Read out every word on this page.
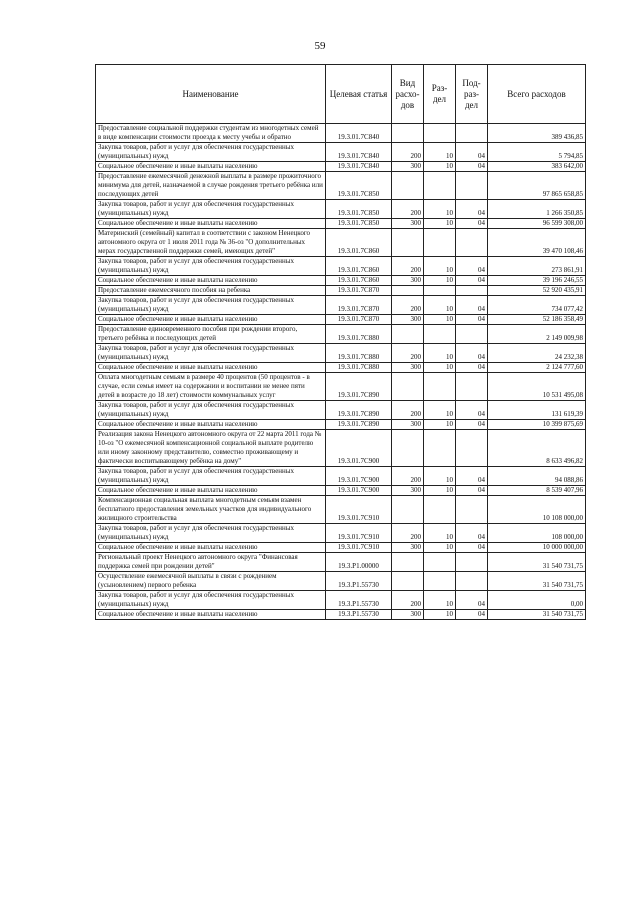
59
Наименование	Целевая статья	Вид расхо- дов	Раз- дел	Под- раз- дел	Всего расходов
Предоставление социальной поддержки студентам из многодетных семей в виде компенсации стоимости проезда к месту учебы и обратно	19.3.01.7С840				389 436,85
Закупка товаров, работ и услуг для обеспечения государственных (муниципальных) нужд	19.3.01.7С840	200	10	04	5 794,85
Социальное обеспечение и иные выплаты населению	19.3.01.7С840	300	10	04	383 642,00
Предоставление ежемесячной денежной выплаты в размере прожиточного минимума для детей, назначаемой в случае рождения третьего ребёнка или последующих детей	19.3.01.7С850				97 865 658,85
Закупка товаров, работ и услуг для обеспечения государственных (муниципальных) нужд	19.3.01.7С850	200	10	04	1 266 350,85
Социальное обеспечение и иные выплаты населению	19.3.01.7С850	300	10	04	96 599 308,00
Материнский (семейный) капитал в соответствии с законом Ненецкого автономного округа от 1 июля 2011 года № 36-оз "О дополнительных мерах государственной поддержки семей, имеющих детей"	19.3.01.7С860				39 470 108,46
Закупка товаров, работ и услуг для обеспечения государственных (муниципальных) нужд	19.3.01.7С860	200	10	04	273 861,91
Социальное обеспечение и иные выплаты населению	19.3.01.7С860	300	10	04	39 196 246,55
Предоставление ежемесячного пособия на ребенка	19.3.01.7С870				52 920 435,91
Закупка товаров, работ и услуг для обеспечения государственных (муниципальных) нужд	19.3.01.7С870	200	10	04	734 077,42
Социальное обеспечение и иные выплаты населению	19.3.01.7С870	300	10	04	52 186 358,49
Предоставление единовременного пособия при рождении второго, третьего ребёнка и последующих детей	19.3.01.7С880				2 149 009,98
Закупка товаров, работ и услуг для обеспечения государственных (муниципальных) нужд	19.3.01.7С880	200	10	04	24 232,38
Социальное обеспечение и иные выплаты населению	19.3.01.7С880	300	10	04	2 124 777,60
Оплата многодетным семьям в размере 40 процентов (50 процентов - в случае, если семья имеет на содержании и воспитании не менее пяти детей в возрасте до 18 лет) стоимости коммунальных услуг	19.3.01.7С890				10 531 495,08
Закупка товаров, работ и услуг для обеспечения государственных (муниципальных) нужд	19.3.01.7С890	200	10	04	131 619,39
Социальное обеспечение и иные выплаты населению	19.3.01.7С890	300	10	04	10 399 875,69
Реализация закона Ненецкого автономного округа от 22 марта 2011 года № 10-оз "О ежемесячной компенсационной социальной выплате родителю или иному законному представителю, совместно проживающему и фактически воспитывающему ребёнка на дому"	19.3.01.7С900				8 633 496,82
Закупка товаров, работ и услуг для обеспечения государственных (муниципальных) нужд	19.3.01.7С900	200	10	04	94 088,86
Социальное обеспечение и иные выплаты населению	19.3.01.7С900	300	10	04	8 539 407,96
Компенсационная социальная выплата многодетным семьям взамен бесплатного предоставления земельных участков для индивидуального жилищного строительства	19.3.01.7С910				10 108 000,00
Закупка товаров, работ и услуг для обеспечения государственных (муниципальных) нужд	19.3.01.7С910	200	10	04	108 000,00
Социальное обеспечение и иные выплаты населению	19.3.01.7С910	300	10	04	10 000 000,00
Региональный проект Ненецкого автономного округа "Финансовая поддержка семей при рождении детей"	19.3.P1.00000				31 540 731,75
Осуществление ежемесячной выплаты в связи с рождением (усыновлением) первого ребенка	19.3.P1.55730				31 540 731,75
Закупка товаров, работ и услуг для обеспечения государственных (муниципальных) нужд	19.3.P1.55730	200	10	04	0,00
Социальное обеспечение и иные выплаты населению	19.3.P1.55730	300	10	04	31 540 731,75
